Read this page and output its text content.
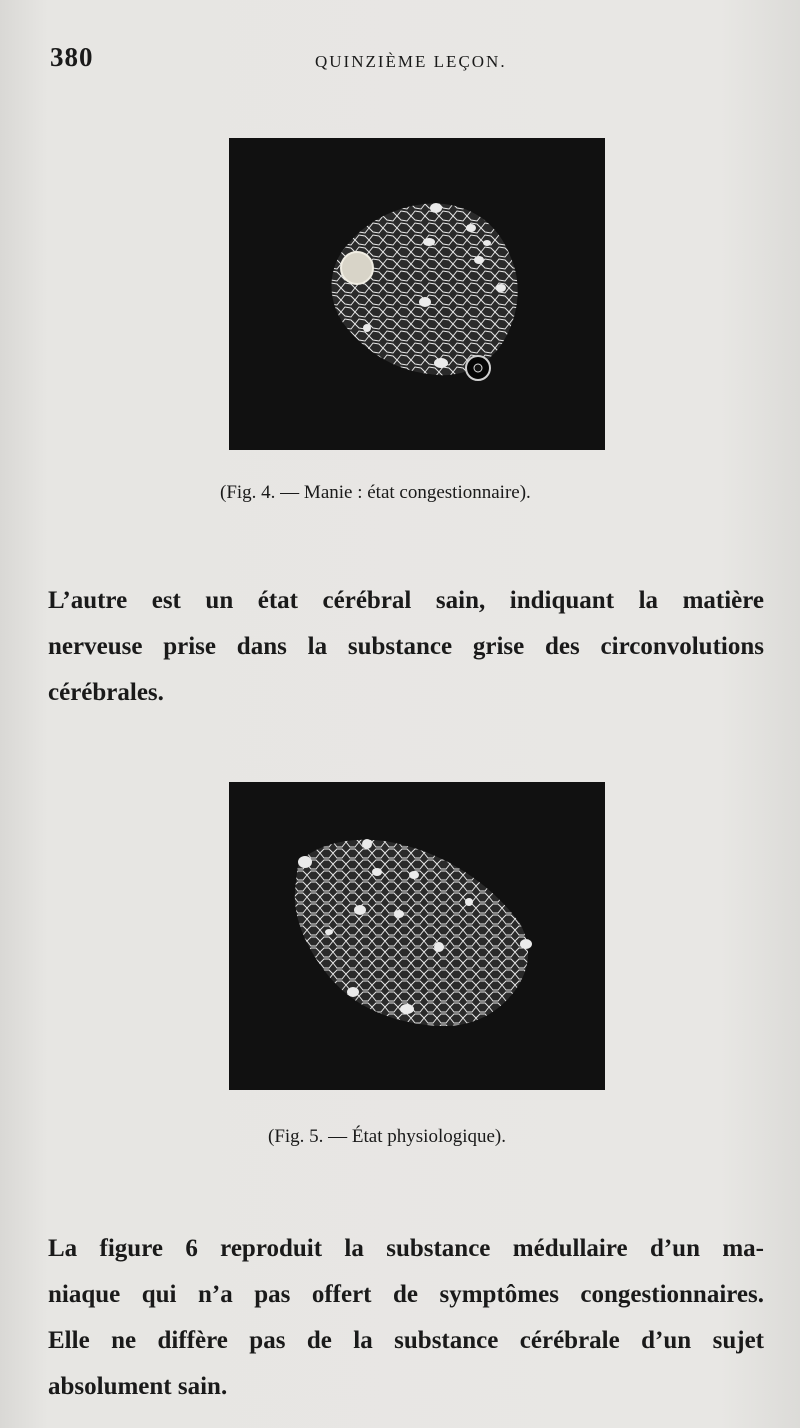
380	QUINZIÈME LEÇON.
(Fig. 4. — Manie : état congestionnaire).
L’autre est un état cérébral sain, indiquant la matière
nerveuse prise dans la substance grise des circonvolutions
cérébrales.
(Fig. 5. — État physiologique).
La figure 6 reproduit la substance médullaire d’un ma-
niaque qui n’a pas offert de symptômes congestionnaires.
Elle ne diffère pas de la substance cérébrale d’un sujet
absolument sain.
